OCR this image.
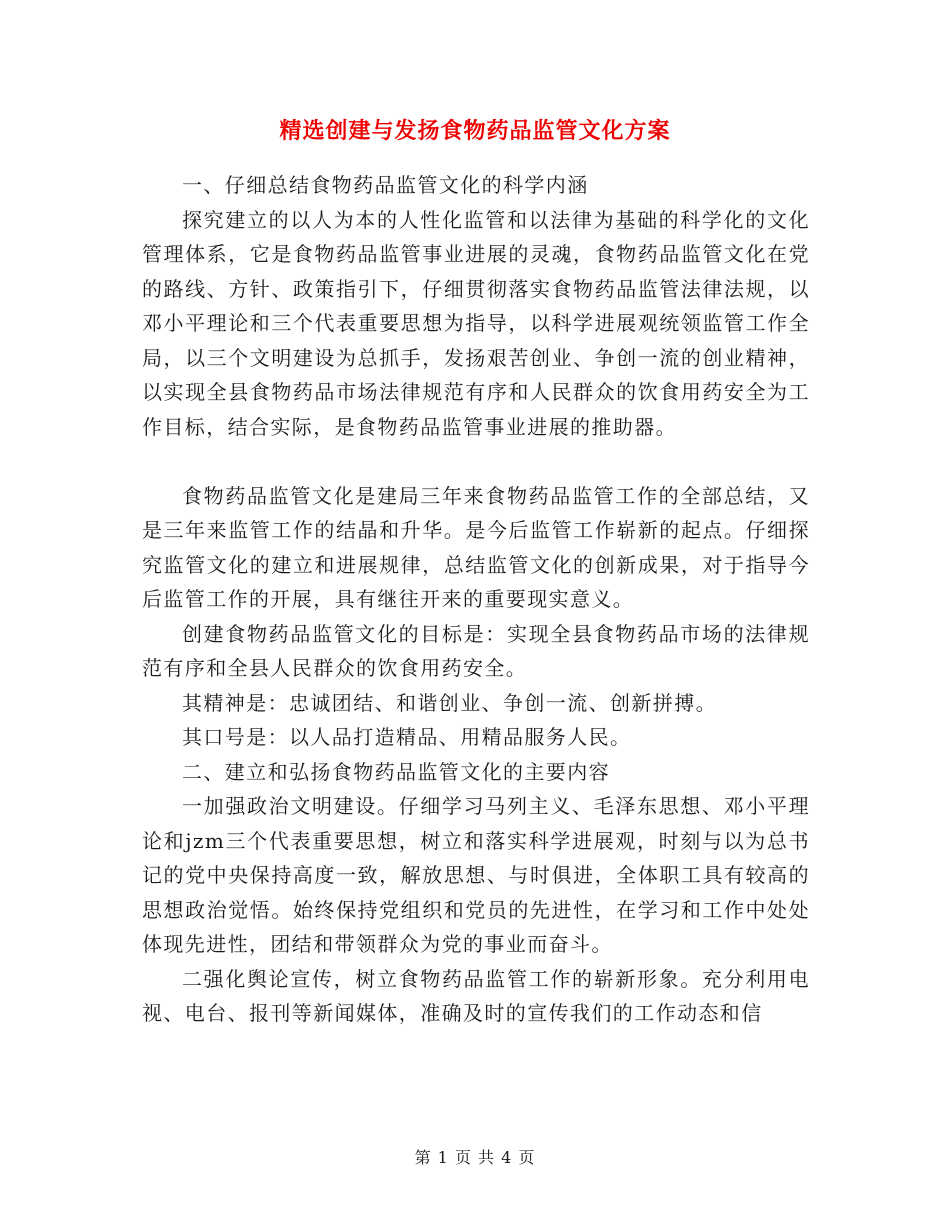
精选创建与发扬食物药品监管文化方案

一、仔细总结食物药品监管文化的科学内涵

探究建立的以人为本的人性化监管和以法律为基础的科学化的文化管理体系，它是食物药品监管事业进展的灵魂，食物药品监管文化在党的路线、方针、政策指引下，仔细贯彻落实食物药品监管法律法规，以邓小平理论和三个代表重要思想为指导，以科学进展观统领监管工作全局，以三个文明建设为总抓手，发扬艰苦创业、争创一流的创业精神，以实现全县食物药品市场法律规范有序和人民群众的饮食用药安全为工作目标，结合实际，是食物药品监管事业进展的推助器。

食物药品监管文化是建局三年来食物药品监管工作的全部总结，又是三年来监管工作的结晶和升华。是今后监管工作崭新的起点。仔细探究监管文化的建立和进展规律，总结监管文化的创新成果，对于指导今后监管工作的开展，具有继往开来的重要现实意义。

创建食物药品监管文化的目标是：实现全县食物药品市场的法律规范有序和全县人民群众的饮食用药安全。

其精神是：忠诚团结、和谐创业、争创一流、创新拼搏。

其口号是：以人品打造精品、用精品服务人民。

二、建立和弘扬食物药品监管文化的主要内容

一加强政治文明建设。仔细学习马列主义、毛泽东思想、邓小平理论和jzm三个代表重要思想，树立和落实科学进展观，时刻与以为总书记的党中央保持高度一致，解放思想、与时俱进，全体职工具有较高的思想政治觉悟。始终保持党组织和党员的先进性，在学习和工作中处处体现先进性，团结和带领群众为党的事业而奋斗。

二强化舆论宣传，树立食物药品监管工作的崭新形象。充分利用电视、电台、报刊等新闻媒体，准确及时的宣传我们的工作动态和信

第 1 页 共 4 页
